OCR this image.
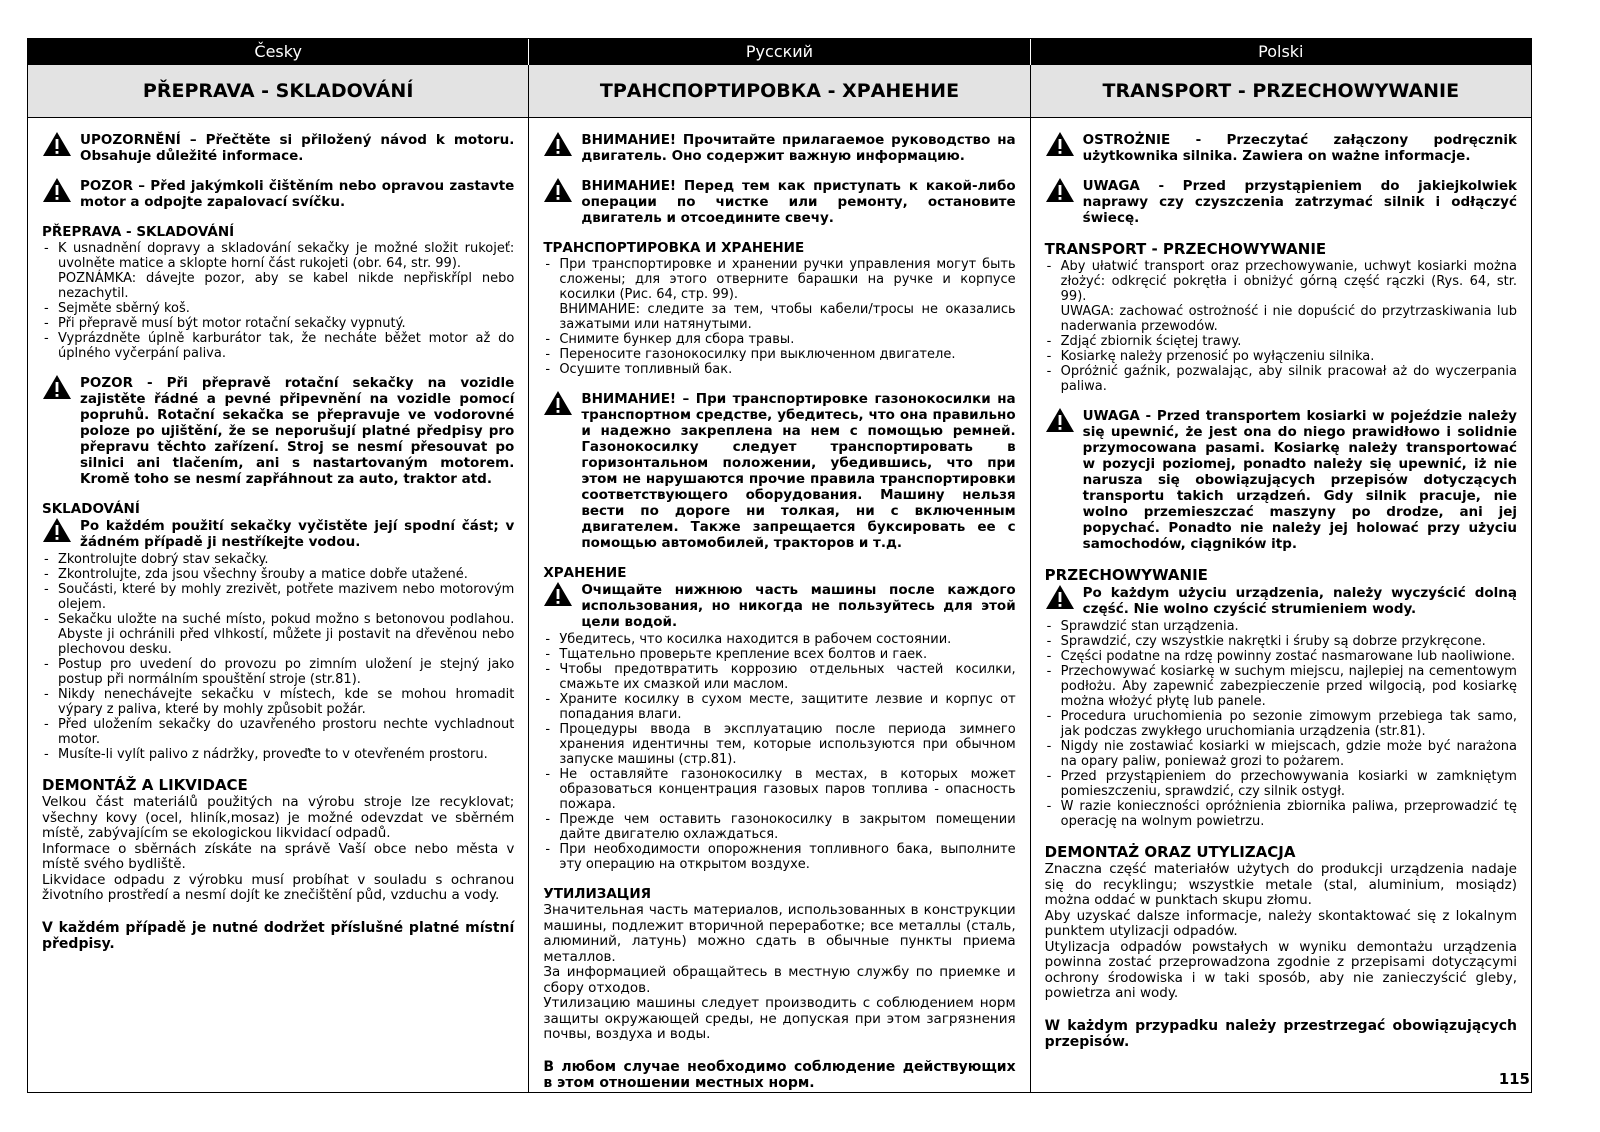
Česky	Русский	Polski
PŘEPRAVA - SKLADOVÁNÍ	ТРАНСПОРТИРОВКА - ХРАНЕНИЕ	TRANSPORT - PRZECHOWYWANIE
UPOZORNĚNÍ – Přečtěte si přiložený návod k motoru. Obsahuje důležité informace.
POZOR – Před jakýmkoli čištěním nebo opravou zastavte motor a odpojte zapalovací svíčku.
PŘEPRAVA - SKLADOVÁNÍ
- K usnadnění dopravy a skladování sekačky je možné složit rukojeť: uvolněte matice a sklopte horní část rukojeti (obr. 64, str. 99).
POZNÁMKA: dávejte pozor, aby se kabel nikde nepřiskřípl nebo nezachytil.
- Sejměte sběrný koš.
- Při přepravě musí být motor rotační sekačky vypnutý.
- Vyprázdněte úplně karburátor tak, že necháte běžet motor až do úplného vyčerpání paliva.
POZOR - Při přepravě rotační sekačky na vozidle zajistěte řádné a pevné připevnění na vozidle pomocí popruhů. Rotační sekačka se přepravuje ve vodorovné poloze po ujištění, že se neporušují platné předpisy pro přepravu těchto zařízení. Stroj se nesmí přesouvat po silnici ani tlačením, ani s nastartovaným motorem. Kromě toho se nesmí zapřáhnout za auto, traktor atd.
SKLADOVÁNÍ
Po každém použití sekačky vyčistěte její spodní část; v žádném případě ji nestříkejte vodou.
- Zkontrolujte dobrý stav sekačky.
- Zkontrolujte, zda jsou všechny šrouby a matice dobře utažené.
- Součásti, které by mohly zrezivět, potřete mazivem nebo motorovým olejem.
- Sekačku uložte na suché místo, pokud možno s betonovou podlahou. Abyste ji ochránili před vlhkostí, můžete ji postavit na dřevěnou nebo plechovou desku.
- Postup pro uvedení do provozu po zimním uložení je stejný jako postup při normálním spouštění stroje (str.81).
- Nikdy nenechávejte sekačku v místech, kde se mohou hromadit výpary z paliva, které by mohly způsobit požár.
- Před uložením sekačky do uzavřeného prostoru nechte vychladnout motor.
- Musíte-li vylít palivo z nádržky, proveďte to v otevřeném prostoru.
DEMONTÁŽ A LIKVIDACE

Velkou část materiálů použitých na výrobu stroje lze recyklovat; všechny kovy (ocel, hliník,mosaz) je možné odevzdat ve sběrném místě, zabývajícím se ekologickou likvidací odpadů.

Informace o sběrnách získáte na správě Vaší obce nebo města v místě svého bydliště.

Likvidace odpadu z výrobku musí probíhat v souladu s ochranou životního prostředí a nesmí dojít ke znečištění půd, vzduchu a vody.

V každém případě je nutné dodržet příslušné platné místní předpisy.
ВНИМАНИЕ! Прочитайте прилагаемое руководство на двигатель. Оно содержит важную информацию.
ВНИМАНИЕ! Перед тем как приступать к какой-либо операции по чистке или ремонту, остановите двигатель и отсоедините свечу.
ТРАНСПОРТИРОВКА И ХРАНЕНИЕ
- При транспортировке и хранении ручки управления могут быть сложены; для этого отверните барашки на ручке и корпусе косилки (Рис. 64, стр. 99).
ВНИМАНИЕ: следите за тем, чтобы кабели/тросы не оказались зажатыми или натянутыми.
- Снимите бункер для сбора травы.
- Переносите газонокосилку при выключенном двигателе.
- Осушите топливный бак.
ВНИМАНИЕ! – При транспортировке газонокосилки на транспортном средстве, убедитесь, что она правильно и надежно закреплена на нем с помощью ремней. Газонокосилку следует транспортировать в горизонтальном положении, убедившись, что при этом не нарушаются прочие правила транспортировки соответствующего оборудования. Машину нельзя вести по дороге ни толкая, ни с включенным двигателем. Также запрещается буксировать ее с помощью автомобилей, тракторов и т.д.
ХРАНЕНИЕ
Очищайте нижнюю часть машины после каждого использования, но никогда не пользуйтесь для этой цели водой.
- Убедитесь, что косилка находится в рабочем состоянии.
- Тщательно проверьте крепление всех болтов и гаек.
- Чтобы предотвратить коррозию отдельных частей косилки, смажьте их смазкой или маслом.
- Храните косилку в сухом месте, защитите лезвие и корпус от попадания влаги.
- Процедуры ввода в эксплуатацию после периода зимнего хранения идентичны тем, которые используются при обычном запуске машины (стр.81).
- Не оставляйте газонокосилку в местах, в которых может образоваться концентрация газовых паров топлива - опасность пожара.
- Прежде чем оставить газонокосилку в закрытом помещении дайте двигателю охлаждаться.
- При необходимости опорожнения топливного бака, выполните эту операцию на открытом воздухе.
УТИЛИЗАЦИЯ

Значительная часть материалов, использованных в конструкции машины, подлежит вторичной переработке; все металлы (сталь, алюминий, латунь) можно сдать в обычные пункты приема металлов.

За информацией обращайтесь в местную службу по приемке и сбору отходов.

Утилизацию машины следует производить с соблюдением норм защиты окружающей среды, не допуская при этом загрязнения почвы, воздуха и воды.

В любом случае необходимо соблюдение действующих в этом отношении местных норм.
OSTROŻNIE - Przeczytać załączony podręcznik użytkownika silnika. Zawiera on ważne informacje.
UWAGA - Przed przystąpieniem do jakiejkolwiek naprawy czy czyszczenia zatrzymać silnik i odłączyć świecę.
TRANSPORT - PRZECHOWYWANIE
- Aby ułatwić transport oraz przechowywanie, uchwyt kosiarki można złożyć: odkręcić pokrętła i obniżyć górną część rączki (Rys. 64, str. 99).
UWAGA: zachować ostrożność i nie dopuścić do przytrzaskiwania lub naderwania przewodów.
- Zdjąć zbiornik ściętej trawy.
- Kosiarkę należy przenosić po wyłączeniu silnika.
- Opróżnić gaźnik, pozwalając, aby silnik pracował aż do wyczerpania paliwa.
UWAGA - Przed transportem kosiarki w pojeździe należy się upewnić, że jest ona do niego prawidłowo i solidnie przymocowana pasami. Kosiarkę należy transportować w pozycji poziomej, ponadto należy się upewnić, iż nie narusza się obowiązujących przepisów dotyczących transportu takich urządzeń. Gdy silnik pracuje, nie wolno przemieszczać maszyny po drodze, ani jej popychać. Ponadto nie należy jej holować przy użyciu samochodów, ciągników itp.
PRZECHOWYWANIE
Po każdym użyciu urządzenia, należy wyczyścić dolną część. Nie wolno czyścić strumieniem wody.
- Sprawdzić stan urządzenia.
- Sprawdzić, czy wszystkie nakrętki i śruby są dobrze przykręcone.
- Części podatne na rdzę powinny zostać nasmarowane lub naoliwione.
- Przechowywać kosiarkę w suchym miejscu, najlepiej na cementowym podłożu. Aby zapewnić zabezpieczenie przed wilgocią, pod kosiarkę można włożyć płytę lub panele.
- Procedura uruchomienia po sezonie zimowym przebiega tak samo, jak podczas zwykłego uruchomiania urządzenia (str.81).
- Nigdy nie zostawiać kosiarki w miejscach, gdzie może być narażona na opary paliw, ponieważ grozi to pożarem.
- Przed przystąpieniem do przechowywania kosiarki w zamkniętym pomieszczeniu, sprawdzić, czy silnik ostygł.
- W razie konieczności opróżnienia zbiornika paliwa, przeprowadzić tę operację na wolnym powietrzu.
DEMONTAŻ ORAZ UTYLIZACJA

Znaczna część materiałów użytych do produkcji urządzenia nadaje się do recyklingu; wszystkie metale (stal, aluminium, mosiądz) można oddać w punktach skupu złomu.

Aby uzyskać dalsze informacje, należy skontaktować się z lokalnym punktem utylizacji odpadów.

Utylizacja odpadów powstałych w wyniku demontażu urządzenia powinna zostać przeprowadzona zgodnie z przepisami dotyczącymi ochrony środowiska i w taki sposób, aby nie zanieczyścić gleby, powietrza ani wody.

W każdym przypadku należy przestrzegać obowiązujących przepisów.
115
